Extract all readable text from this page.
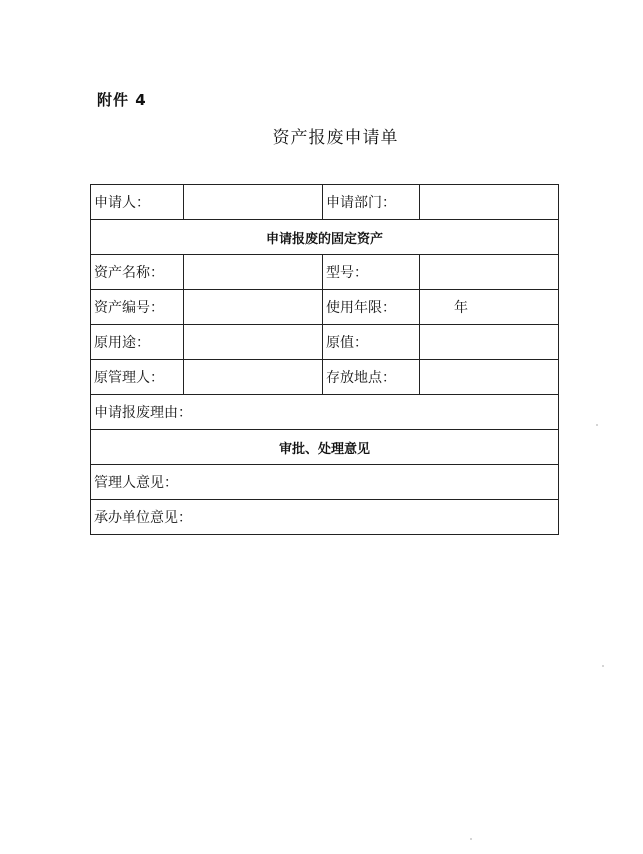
附件 4
资产报废申请单
申请人：		申请部门：	
申请报废的固定资产			
资产名称：		型号：	
资产编号：		使用年限：	年
原用途：		原值：	
原管理人：		存放地点：	
申请报废理由：			
审批、处理意见			
管理人意见：			
承办单位意见：			
